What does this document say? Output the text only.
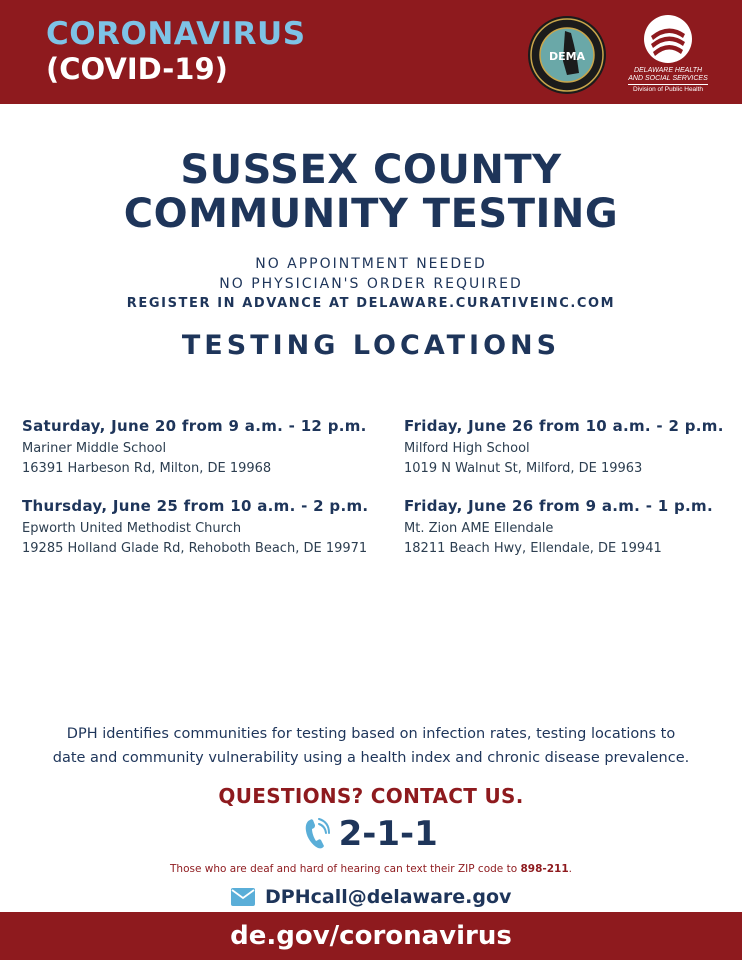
CORONAVIRUS
(COVID-19)	DEMA
DELAWARE HEALTH
AND SOCIAL SERVICES
Division of Public Health
SUSSEX COUNTY
COMMUNITY TESTING
NO APPOINTMENT NEEDED
NO PHYSICIAN'S ORDER REQUIRED
REGISTER IN ADVANCE AT DELAWARE.CURATIVEINC.COM
TESTING LOCATIONS
Saturday, June 20 from 9 a.m. - 12 p.m.
Mariner Middle School
16391 Harbeson Rd, Milton, DE 19968
Thursday, June 25 from 10 a.m. - 2 p.m.
Epworth United Methodist Church
19285 Holland Glade Rd, Rehoboth Beach, DE 19971
Friday, June 26 from 10 a.m. - 2 p.m.
Milford High School
1019 N Walnut St, Milford, DE 19963
Friday, June 26 from 9 a.m. - 1 p.m.
Mt. Zion AME Ellendale
18211 Beach Hwy, Ellendale, DE 19941
DPH identifies communities for testing based on infection rates, testing locations to
date and community vulnerability using a health index and chronic disease prevalence.
QUESTIONS? CONTACT US.
2-1-1
Those who are deaf and hard of hearing can text their ZIP code to 898-211.
DPHcall@delaware.gov
de.gov/coronavirus
